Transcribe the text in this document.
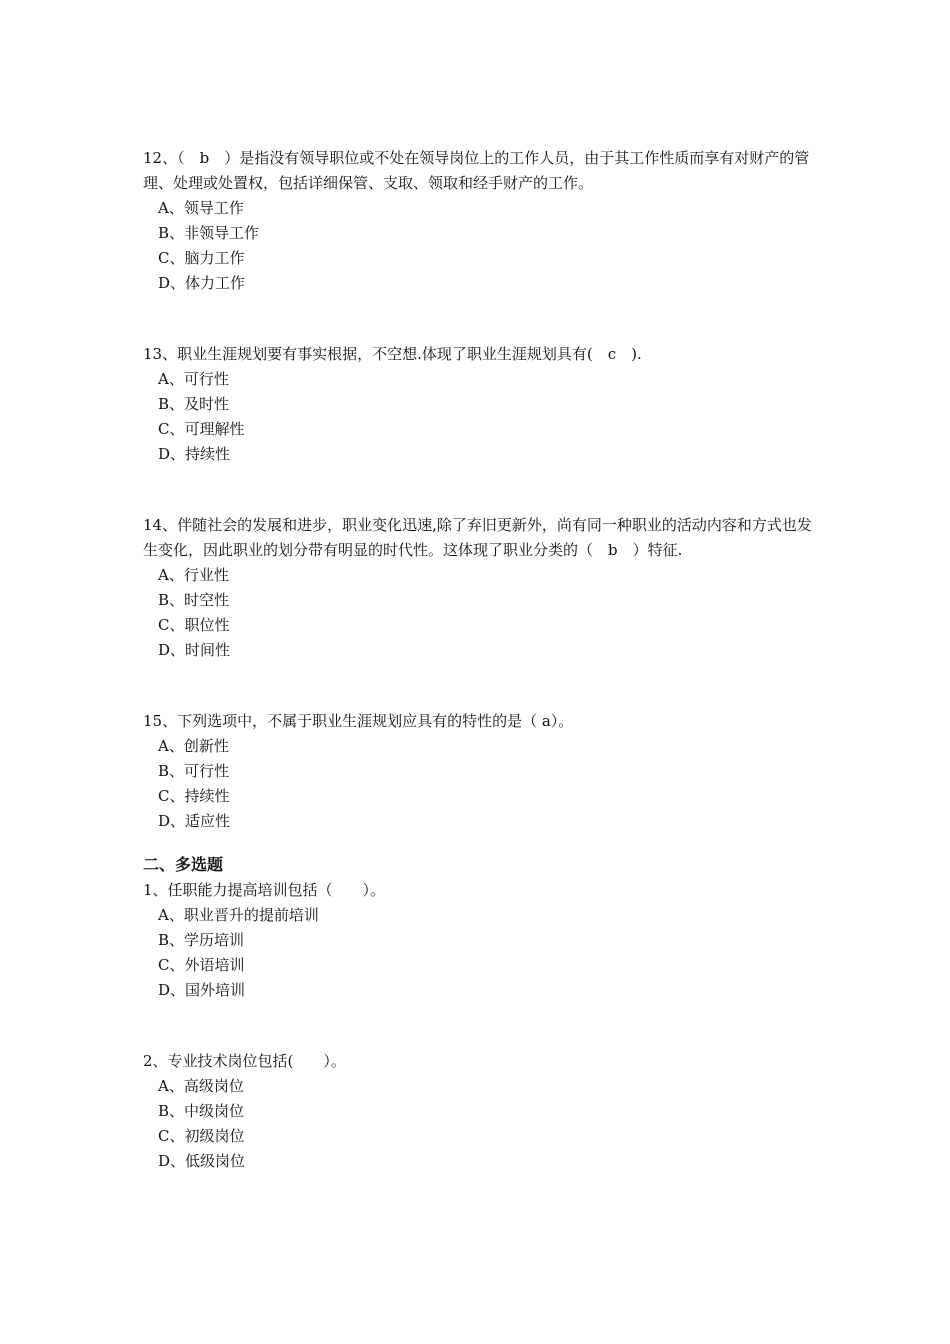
12、（　b　）是指没有领导职位或不处在领导岗位上的工作人员，由于其工作性质而享有对财产的管理、处理或处置权，包括详细保管、支取、领取和经手财产的工作。

A、领导工作
B、非领导工作
C、脑力工作
D、体力工作

13、职业生涯规划要有事实根据，不空想.体现了职业生涯规划具有(　c　).

A、可行性
B、及时性
C、可理解性
D、持续性

14、伴随社会的发展和进步，职业变化迅速,除了弃旧更新外，尚有同一种职业的活动内容和方式也发生变化，因此职业的划分带有明显的时代性。这体现了职业分类的（　b　）特征.

A、行业性
B、时空性
C、职位性
D、时间性

15、下列选项中，不属于职业生涯规划应具有的特性的是（ a）。

A、创新性
B、可行性
C、持续性
D、适应性
二、多选题

1、任职能力提高培训包括（　　）。

A、职业晋升的提前培训
B、学历培训
C、外语培训
D、国外培训

2、专业技术岗位包括(　　）。

A、高级岗位
B、中级岗位
C、初级岗位
D、低级岗位
